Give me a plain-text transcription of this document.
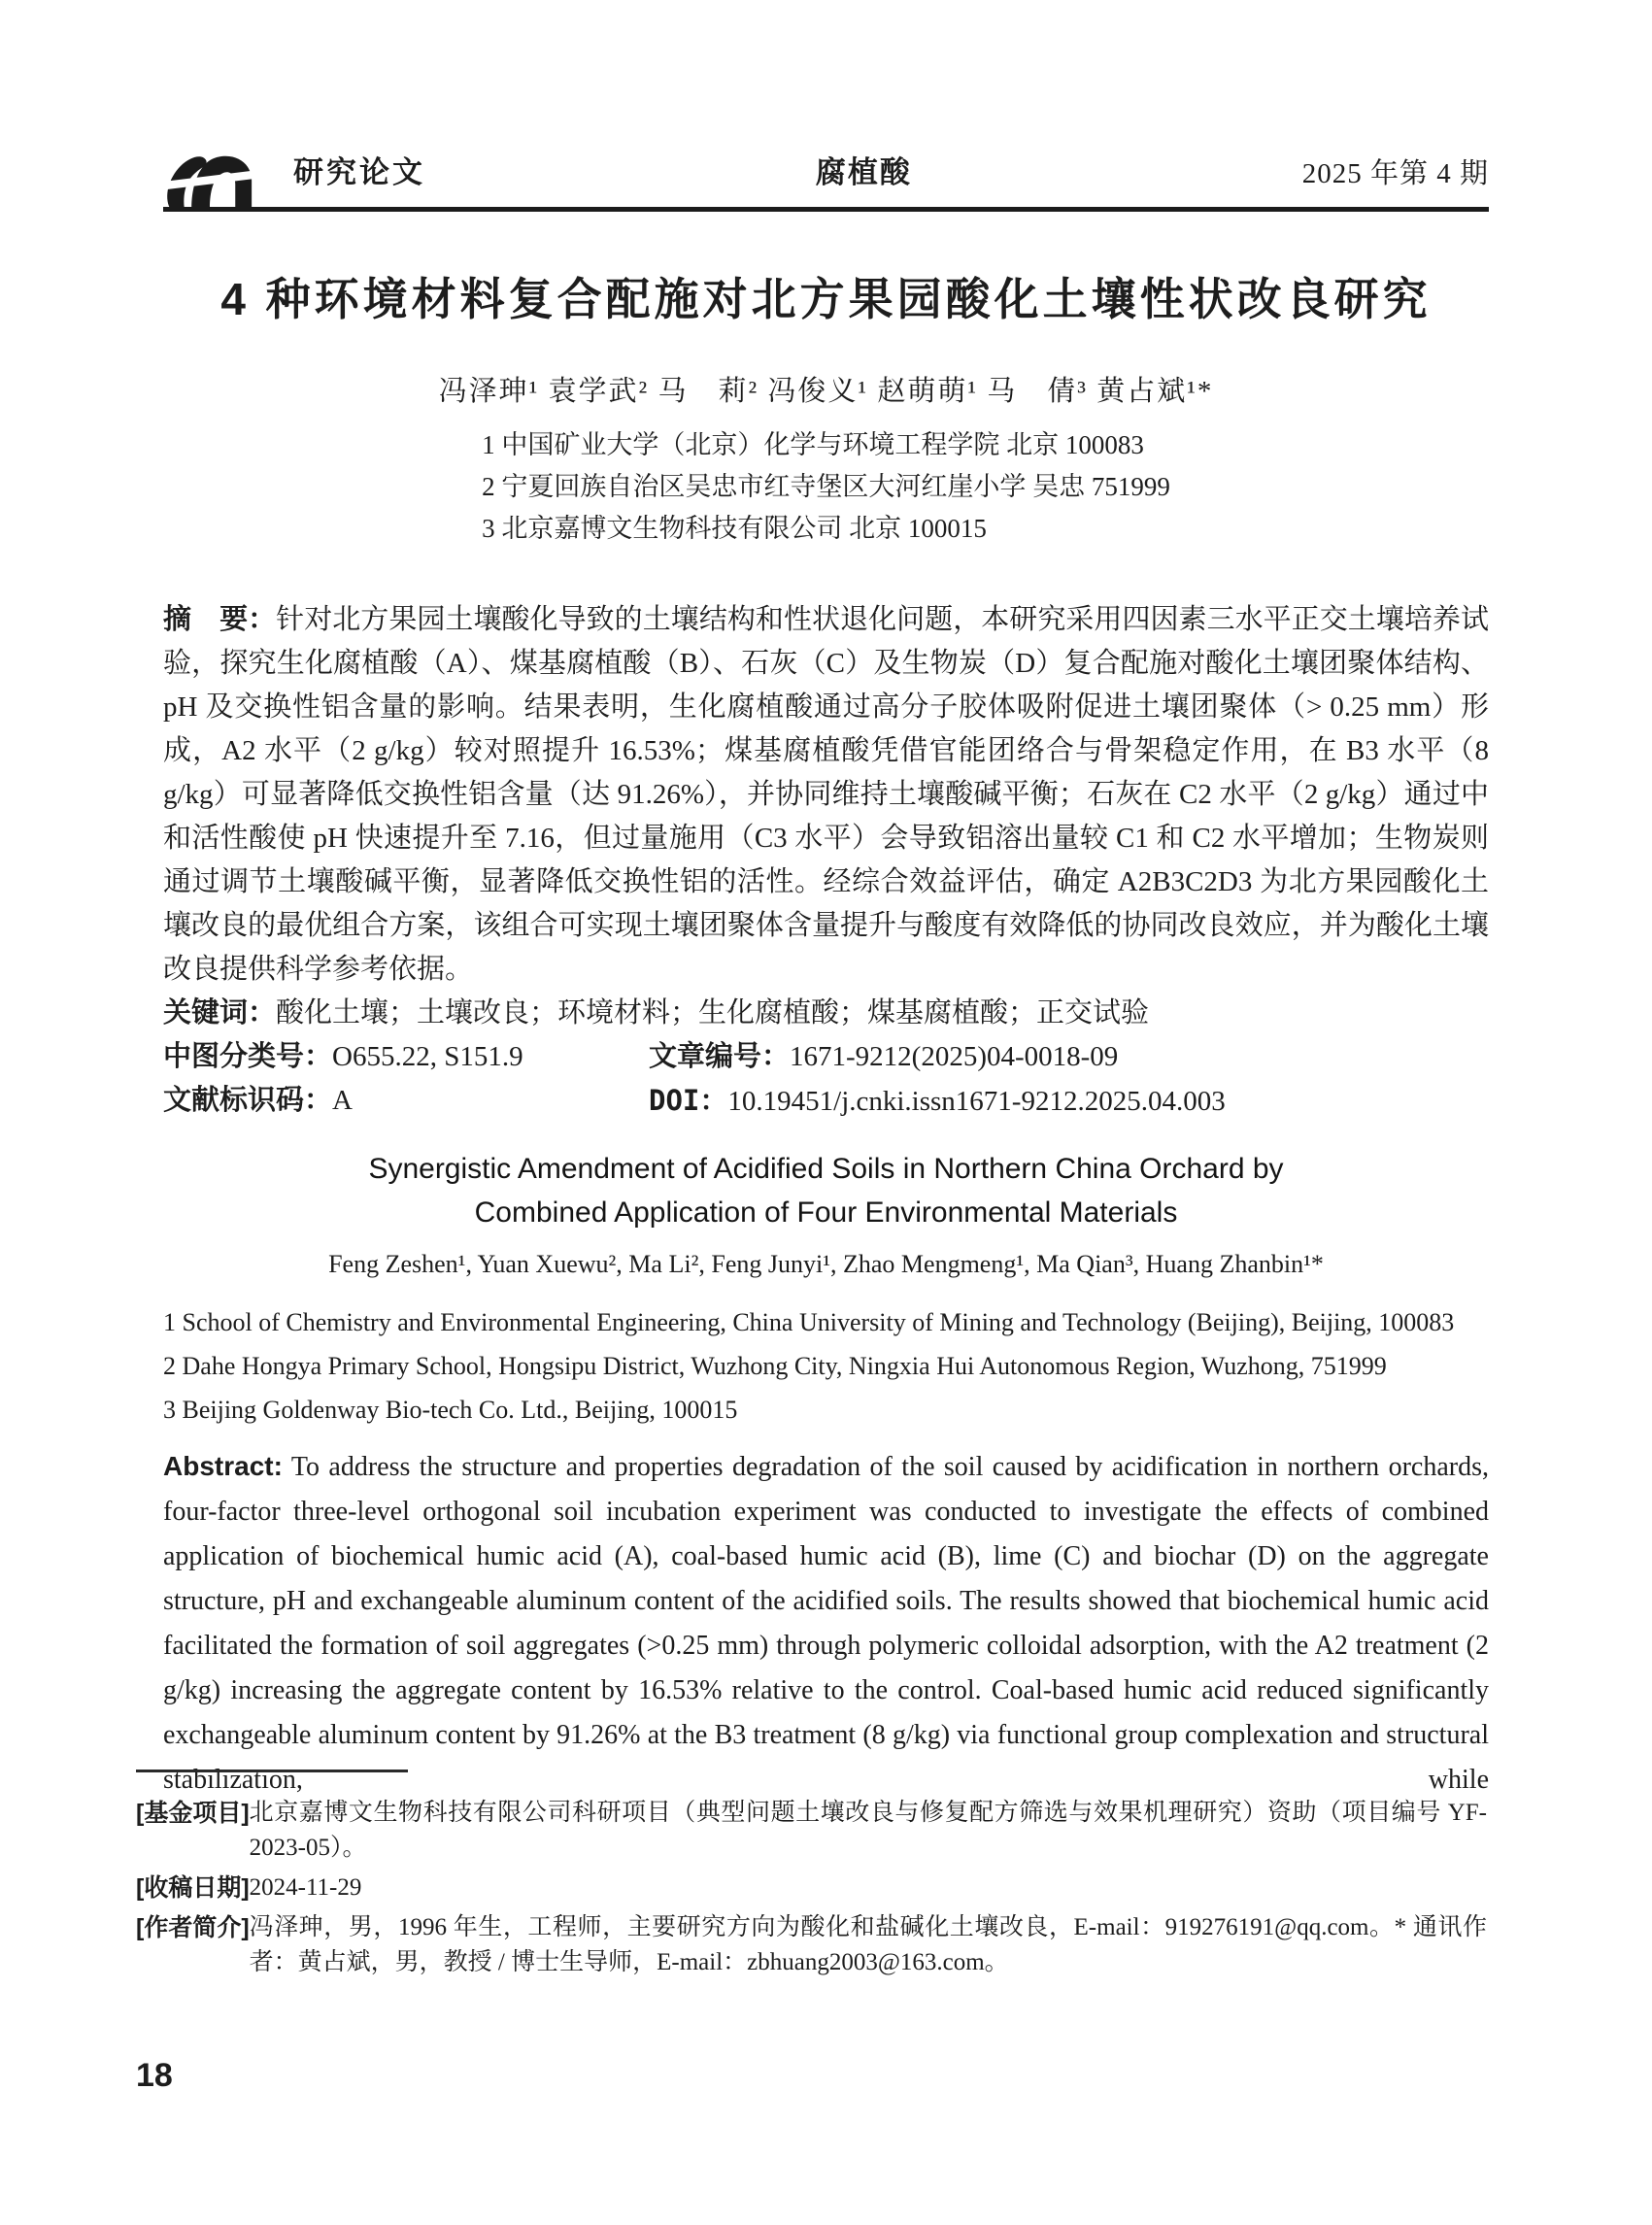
研究论文	腐植酸	2025 年第 4 期
4 种环境材料复合配施对北方果园酸化土壤性状改良研究
冯泽珅¹ 袁学武² 马　莉² 冯俊义¹ 赵萌萌¹ 马　倩³ 黄占斌¹*
1 中国矿业大学（北京）化学与环境工程学院 北京 100083
2 宁夏回族自治区吴忠市红寺堡区大河红崖小学 吴忠 751999
3 北京嘉博文生物科技有限公司 北京 100015
摘　要：针对北方果园土壤酸化导致的土壤结构和性状退化问题，本研究采用四因素三水平正交土壤培养试验，探究生化腐植酸（A）、煤基腐植酸（B）、石灰（C）及生物炭（D）复合配施对酸化土壤团聚体结构、pH 及交换性铝含量的影响。结果表明，生化腐植酸通过高分子胶体吸附促进土壤团聚体（> 0.25 mm）形成，A2 水平（2 g/kg）较对照提升 16.53%；煤基腐植酸凭借官能团络合与骨架稳定作用，在 B3 水平（8 g/kg）可显著降低交换性铝含量（达 91.26%），并协同维持土壤酸碱平衡；石灰在 C2 水平（2 g/kg）通过中和活性酸使 pH 快速提升至 7.16，但过量施用（C3 水平）会导致铝溶出量较 C1 和 C2 水平增加；生物炭则通过调节土壤酸碱平衡，显著降低交换性铝的活性。经综合效益评估，确定 A2B3C2D3 为北方果园酸化土壤改良的最优组合方案，该组合可实现土壤团聚体含量提升与酸度有效降低的协同改良效应，并为酸化土壤改良提供科学参考依据。
关键词：酸化土壤；土壤改良；环境材料；生化腐植酸；煤基腐植酸；正交试验
中图分类号：O655.22, S151.9	文章编号：1671-9212(2025)04-0018-09
文献标识码：A	DOI：10.19451/j.cnki.issn1671-9212.2025.04.003
Synergistic Amendment of Acidified Soils in Northern China Orchard by
Combined Application of Four Environmental Materials
Feng Zeshen¹, Yuan Xuewu², Ma Li², Feng Junyi¹, Zhao Mengmeng¹, Ma Qian³, Huang Zhanbin¹*
1 School of Chemistry and Environmental Engineering, China University of Mining and Technology (Beijing), Beijing, 100083
2 Dahe Hongya Primary School, Hongsipu District, Wuzhong City, Ningxia Hui Autonomous Region, Wuzhong, 751999
3 Beijing Goldenway Bio-tech Co. Ltd., Beijing, 100015
Abstract: To address the structure and properties degradation of the soil caused by acidification in northern orchards, four-factor three-level orthogonal soil incubation experiment was conducted to investigate the effects of combined application of biochemical humic acid (A), coal-based humic acid (B), lime (C) and biochar (D) on the aggregate structure, pH and exchangeable aluminum content of the acidified soils. The results showed that biochemical humic acid facilitated the formation of soil aggregates (>0.25 mm) through polymeric colloidal adsorption, with the A2 treatment (2 g/kg) increasing the aggregate content by 16.53% relative to the control. Coal-based humic acid reduced significantly exchangeable aluminum content by 91.26% at the B3 treatment (8 g/kg) via functional group complexation and structural stabilization, while
[基金项目] 北京嘉博文生物科技有限公司科研项目（典型问题土壤改良与修复配方筛选与效果机理研究）资助（项目编号 YF-2023-05）。
[收稿日期] 2024-11-29
[作者简介] 冯泽珅，男，1996 年生，工程师，主要研究方向为酸化和盐碱化土壤改良，E-mail：919276191@qq.com。* 通讯作者：黄占斌，男，教授 / 博士生导师，E-mail：zbhuang2003@163.com。
18
